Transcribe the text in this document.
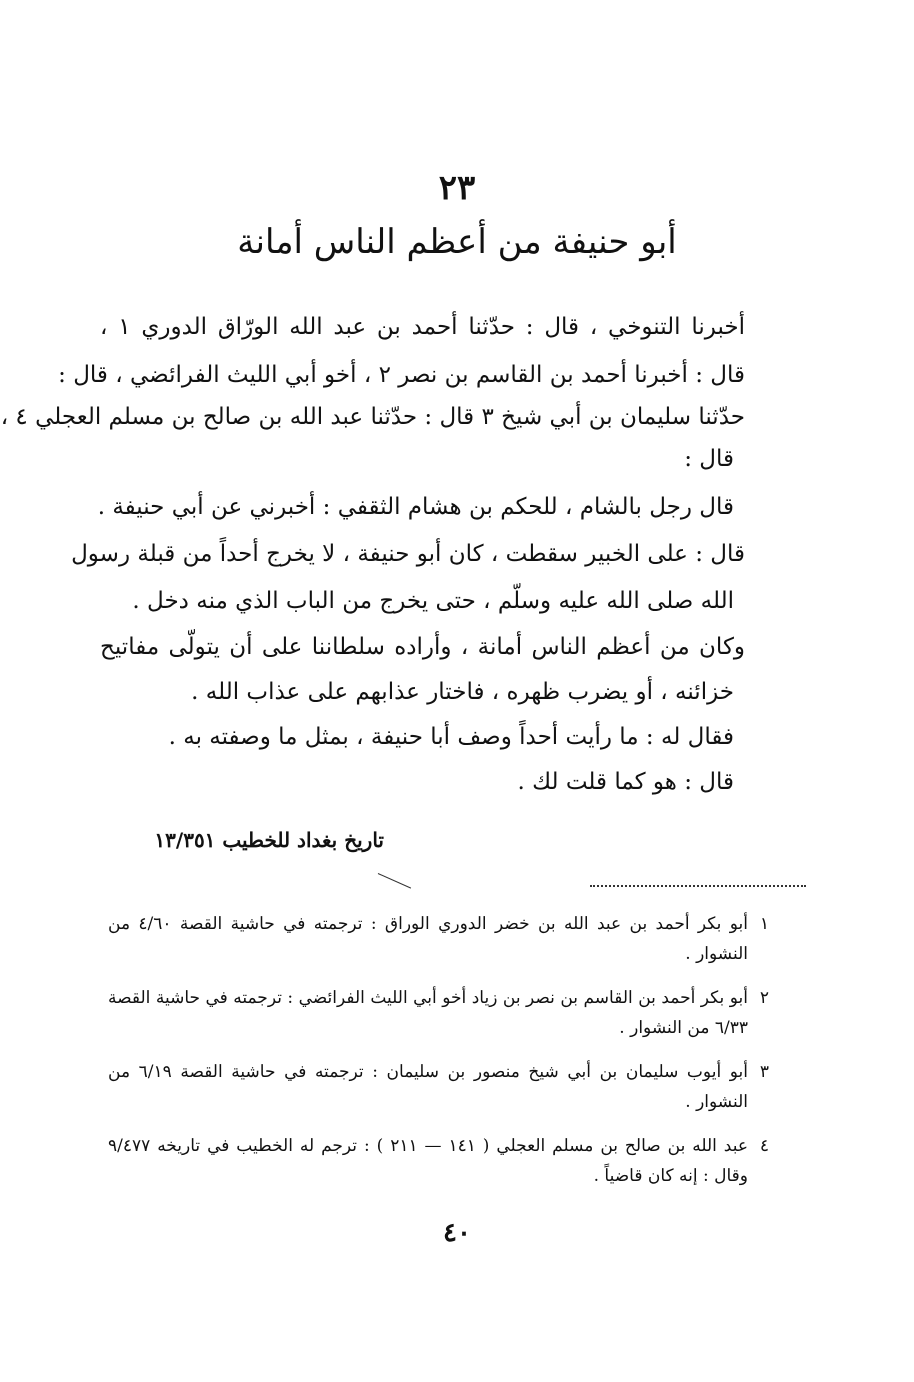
٢٣
أبو حنيفة من أعظم الناس أمانة
أخبرنا التنوخي ، قال : حدّثنا أحمد بن عبد الله الورّاق الدوري ١ ،
قال : أخبرنا أحمد بن القاسم بن نصر ٢ ، أخو أبي الليث الفرائضي ، قال :
حدّثنا سليمان بن أبي شيخ ٣ قال : حدّثنا عبد الله بن صالح بن مسلم العجلي ٤ ،
قال :
قال رجل بالشام ، للحكم بن هشام الثقفي : أخبرني عن أبي حنيفة .
قال : على الخبير سقطت ، كان أبو حنيفة ، لا يخرج أحداً من قبلة رسول
الله صلى الله عليه وسلّم ، حتى يخرج من الباب الذي منه دخل .
وكان من أعظم الناس أمانة ، وأراده سلطاننا على أن يتولّى مفاتيح
خزائنه ، أو يضرب ظهره ، فاختار عذابهم على عذاب الله .
فقال له : ما رأيت أحداً وصف أبا حنيفة ، بمثل ما وصفته به .
قال : هو كما قلت لك .
تاريخ بغداد للخطيب ١٣/٣٥١
١
أبو بكر أحمد بن عبد الله بن خضر الدوري الوراق : ترجمته في حاشية القصة ٤/٦٠ من
النشوار .
٢
أبو بكر أحمد بن القاسم بن نصر بن زياد أخو أبي الليث الفرائضي : ترجمته في حاشية القصة
٦/٣٣ من النشوار .
٣
أبو أيوب سليمان بن أبي شيخ منصور بن سليمان : ترجمته في حاشية القصة ٦/١٩ من
النشوار .
٤
عبد الله بن صالح بن مسلم العجلي ( ١٤١ — ٢١١ ) : ترجم له الخطيب في تاريخه ٩/٤٧٧
وقال : إنه كان قاضياً .
٤٠
